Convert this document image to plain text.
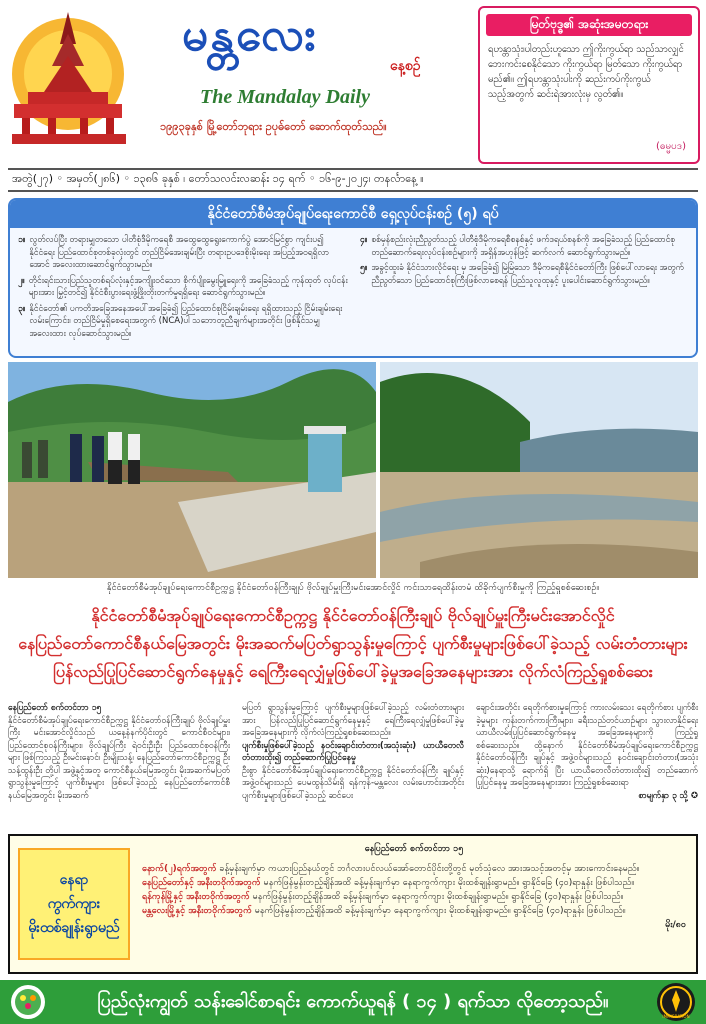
မန္တလေး
နေ့စဉ်
The Mandalay Daily
၁၉၉၃ခုနှစ် မြို့တော်ဘုရား ဥပုဓ်တော် ဆောက်ထုတ်သည်။
မြတ်ဗုဒ္ဓ၏ အဆုံးအမတရား
ရဟန္တာသုံး၊ပါတည်းဟူသော ဤကိုးကွယ်ရာ သည်သာလျှင် ဘေးကင်းစေနိုင်သော ကိုးကွယ်ရာ မြတ်သော ကိုးကွယ်ရာမည်၏။ ဤရဟန္တာသုံးပါးကို ဆည်းကပ်ကိုးကွယ်သည့်အတွက် ဆင်းရဲအားလုံးမှ လွတ်၏။
(ဓမ္မပဒ)
အတွဲ(၂၇) ◦ အမှတ်(၂၈၆) ◦ ၁၃၈၆ ခုနှစ် ၊ တော်သလင်းလဆန်း ၁၄ ရက် ◦ ၁၆-၉-၂၀၂၄၊ တနင်္လာနေ့ ။
နိုင်ငံတော်စီမံအုပ်ချုပ်ရေးကောင်စီ ရှေ့လုပ်ငန်းစဉ် (၅) ရပ်
၁။ လွတ်လပ်ပြီး တရားမျှတသော ပါတီစုံဒီမိုကရေစီ အထွေထွေရွေးကောက်ပွဲ အောင်မြင်စွာ ကျင်းပ၍ နိုင်ငံရေး ပြည်ထောင်စုတစ်ခုလုံးတွင် တည်ငြိမ်အေးချမ်းပြီး တရားဥပဒေစိုးမိုးရေး အပြည့်အဝရရှိလာ အောင် အလေးထားဆောင်ရွက်သွားမည်။
၂။ တိုင်းရင်းသားပြည်သူတစ်ရပ်လုံးနှင့်အကျိုးဝင်သော စိုက်ပျိုးမွေးမြူရေးကို အခြေခံသည့် ကုန်ထုတ် လုပ်ငန်းများအား မြှင့်တင်၍ နိုင်ငံစီးပွားရေးဖွံ့ဖြိုးတိုးတက်မှုရရှိရေး ဆောင်ရွက်သွားမည်။
၃။ နိုင်ငံတော်၏ ပကတိအခြေအနေအပေါ်အခြေခံ၍ ပြည်ထောင်စုငြိမ်းချမ်းရေး ရရှိထားသည့် ငြိမ်းချမ်းရေးလမ်းကြောင်း၊ တည်ငြိမ်မှုရှိစေရေးအတွက် (NCA)ပါ သဘောတူညီချက်များအတိုင်း ဖြစ်နိုင်သမျှ အလေးထား လုပ်ဆောင်သွားမည်။
၄။ စစ်မှန်စည်းလုံးညီညွတ်သည့် ပါတီစုံဒီမိုကရေစီစနစ်နှင့် ဖက်ဒရယ်စနစ်ကို အခြေခံသည့် ပြည်ထောင်စုတည်ဆောက်ရေးလုပ်ငန်းစဉ်များကို အရှိန်အဟုန်ဖြင့် ဆက်လက် ဆောင်ရွက်သွားမည်။
၅။ အခွင့်ထူးခံ နိုင်ငံသားလိုင်ရေး မှ အခြေခံ၍ မြဲမြံသော ဒီမိုကရေစီနိုင်ငံတော်ကြီး ဖြစ်ပေါ်လာရေး အတွက် ညီညွတ်သော ပြည်ထောင်စုကြီးဖြစ်လာစေရန် ပြည်သူလူထုနှင့် ပူးပေါင်းဆောင်ရွက်သွားမည်။
နိုင်ငံတော်စီမံအုပ်ချုပ်ရေးကောင်စီဥက္ကဋ္ဌ နိုင်ငံတော်ဝန်ကြီးချုပ် ဗိုလ်ချုပ်မှူးကြီးမင်းအောင်လှိုင် ကင်းသာရေထိန်းတမံ ထိခိုက်ပျက်စီးမှုကို ကြည့်ရှုစစ်ဆေးစဉ်။
နိုင်ငံတော်စီမံအုပ်ချုပ်ရေးကောင်စီဥက္ကဋ္ဌ နိုင်ငံတော်ဝန်ကြီးချုပ် ဗိုလ်ချုပ်မှူးကြီးမင်းအောင်လှိုင်
နေပြည်တော်ကောင်စီနယ်မြေအတွင်း မိုးအဆက်မပြတ်ရွာသွန်းမှုကြောင့် ပျက်စီးမှုများဖြစ်ပေါ်ခဲ့သည့် လမ်းတံတားများ
ပြန်လည်ပြုပြင်ဆောင်ရွက်နေမှုနှင့် ရေကြီးရေလျှံမှုဖြစ်ပေါ်ခဲ့မှုအခြေအနေများအား လိုက်လံကြည့်ရှုစစ်ဆေး
နေပြည်တော် စက်တင်ဘာ ၁၅
နိုင်ငံတော်စီမံအုပ်ချုပ်ရေးကောင်စီဥက္ကဋ္ဌ နိုင်ငံတော်ဝန်ကြီးချုပ် ဗိုလ်ချုပ်မှူးကြီး မင်းအောင်လှိုင်သည် ယနေ့နံနက်ပိုင်းတွင် ကောင်စီဝင်များ၊ ပြည်ထောင်စုဝန်ကြီးများ၊ ဗိုလ်ချုပ်ကြီး ရဲဝင်းဦးဦး ပြည်ထောင်စုဝန်ကြီးများ ဖြစ်ကြသည့် ဦးမင်းနောင်၊ ဦးမျိုးသန့်၊ နေပြည်တော်ကောင်စီဥက္ကဋ္ဌ ဦးသန့်ထွန်းဦး တို့ပါ အဖွဲ့နှင့်အတူ ကောင်စီနယ်မြေအတွင်း မိုးအဆက်မပြတ်ရွာသွန်းမှုကြောင့် ပျက်စီးမှုများ ဖြစ်ပေါ်ခဲ့သည့် နေပြည်တော်ကောင်စီနယ်မြေအတွင်း မိုးအဆက်
မပြတ် ရွာသွန်းမှုကြောင့် ပျက်စီးမှုများဖြစ်ပေါ်ခဲ့သည့် လမ်းတံတားများ အား ပြန်လည်ပြုပြင်ဆောင်ရွက်နေမှုနှင့် ရေကြီးရေလျှံမှုဖြစ်ပေါ်ခဲ့မှု အခြေအနေများကို လိုက်လံကြည့်ရှုစစ်ဆေးသည်။
ပျက်စီးမှုဖြစ်ပေါ်ခဲ့သည့် နဝင်းချောင်းတံတား(အသုံးဆုံး) ယာယီတေလီတံတားထိုး၍ တည်ဆောက်ပြုပြင်နေမှု
ဦးစွာ နိုင်ငံတော်စီမံအုပ်ချုပ်ရေးကောင်စီဥက္ကဋ္ဌ နိုင်ငံတော်ဝန်ကြီး ချုပ်နှင့် အဖွဲ့ဝင်များသည် ပေမထွန်သိမ်းရှိ ရန်ကုန်-မန္တလေး လမ်းဟောင်းအတိုင်း ပျက်စီးမှုများဖြစ်ပေါ်ခဲ့သည့် ဆင်ပေး
ချောင်းအတိုင်း ရေတိုက်စားမှုကြောင့် ကားလမ်းသေး ရေတိုက်စား ပျက်စီးခဲ့မှုများ ကုန်းတက်ကားကြီးများ၊ ခရီးသည်တင်ယာဉ်များ သွားလာနိုင်ရေး ယာယီလမ်းပြုပြင်ဆောင်ရွက်နေမှု အခြေအနေများကို ကြည့်ရှုစစ်ဆေးသည်။ ထို့နောက် နိုင်ငံတော်စီမံအုပ်ချုပ်ရေးကောင်စီဥက္ကဋ္ဌ နိုင်ငံတော်ဝန်ကြီး ချုပ်နှင့် အဖွဲ့ဝင်များသည် နဝင်းချောင်းတံတား(အသုံးဆုံး)နေရာသို့ ရောက်ရှိ ပြီး ယာယီတေလီတံတားထိုး၍ တည်ဆောက်ပြုပြင်နေမှု အခြေအနေများအား ကြည့်ရှုစစ်ဆေးရာ
စာမျက်နှာ ၃ သို့ ✪
နေရာ
ကွက်ကျား
မိုးထစ်ချုန်းရွာမည်
နေပြည်တော် စက်တင်ဘာ ၁၅
နောက်(၂)ရက်အတွက် ခန့်မှန်းချက်မှာ ကယားပြည်နယ်တွင် ဘင်္ဂလားပင်လယ်အော်တောင်ပိုင်းတို့တွင် မုတ်သုံလေ အားအသင့်အတင့်မှ အားကောင်းနေမည်။
နေပြည်တော်နှင့် အနီးတဝိုက်အတွက် မနက်ဖြန်မွန်းတည့်ချိန်အထိ ခန့်မှန်းချက်မှာ နေရာကွက်ကျား မိုးထစ်ချုန်းရွာမည်။ ရွာနိုင်ခြေ (၄၀)ရာနှုန်း ဖြစ်ပါသည်။
ရန်ကုန်မြို့နှင့် အနီးတဝိုက်အတွက် မနက်ဖြန်မွန်းတည့်ချိန်အထိ ခန့်မှန်းချက်မှာ နေရာကွက်ကျား မိုးထစ်ချုန်းရွာမည်။ ရွာနိုင်ခြေ (၄၀)ရာနှုန်း ဖြစ်ပါသည်။
မန္တလေးမြို့နှင့် အနီးတဝိုက်အတွက် မနက်ဖြန်မွန်းတည့်ချိန်အထိ ခန့်မှန်းချက်မှာ နေရာကွက်ကျား မိုးထစ်ချုန်းရွာမည်။ ရွာနိုင်ခြေ (၄၀)ရာနှုန်း ဖြစ်ပါသည်။
မိုး/၈၀
ပြည်လုံးကျွတ် သန်းခေါင်စာရင်း ကောက်ယူရန် ( ၁၄ ) ရက်သာ လိုတော့သည်။
IMMIGRATION
